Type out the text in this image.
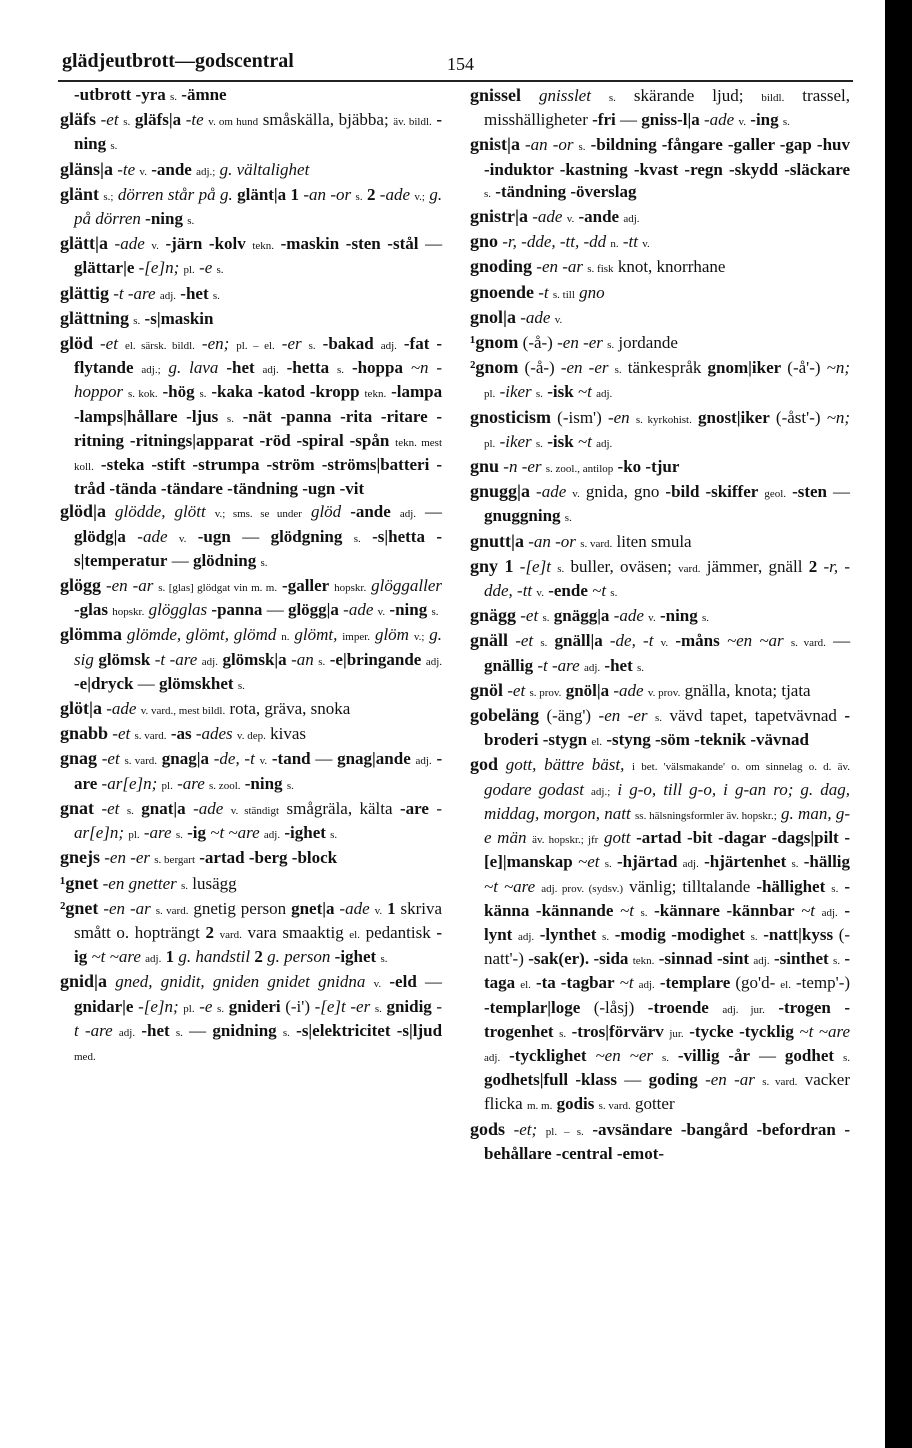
glädjeutbrott—godscentral	154

-utbrott -yra s. -ämne

gläfs -et s. gläfs|a -te v. om hund småskälla, bjäbba; äv. bildl. -ning s.

gläns|a -te v. -ande adj.; g. vältalighet

glänt s.; dörren står på g. glänt|a 1 -an -or s. 2 -ade v.; g. på dörren -ning s.

glätt|a -ade v. -järn -kolv tekn. -maskin -sten -stål — glättar|e -[e]n; pl. -e s.

glättig -t -are adj. -het s.

glättning s. -s|maskin

glöd -et el. särsk. bildl. -en; pl. – el. -er s. -bakad adj. -fat -flytande adj.; g. lava -het adj. -hetta s. -hoppa ~n -hoppor s. kok. -hög s. -kaka -katod -kropp tekn. -lampa -lamps|hållare -ljus s. -nät -panna -rita -ritare -ritning -ritnings|apparat -röd -spiral -spån tekn. mest koll. -steka -stift -strumpa -ström -ströms|batteri -tråd -tända -tändare -tändning -ugn -vit

glöd|a glödde, glött v.; sms. se under glöd -ande adj. — glödg|a -ade v. -ugn — glödgning s. -s|hetta -s|temperatur — glödning s.

glögg -en -ar s. [glas] glödgat vin m. m. -galler hopskr. glöggaller -glas hopskr. glögglas -panna — glögg|a -ade v. -ning s.

glömma glömde, glömt, glömd n. glömt, imper. glöm v.; g. sig glömsk -t -are adj. glömsk|a -an s. -e|bringande adj. -e|dryck — glömskhet s.

glöt|a -ade v. vard., mest bildl. rota, gräva, snoka

gnabb -et s. vard. -as -ades v. dep. kivas

gnag -et s. vard. gnag|a -de, -t v. -tand — gnag|ande adj. -are -ar[e]n; pl. -are s. zool. -ning s.

gnat -et s. gnat|a -ade v. ständigt smågräla, kälta -are -ar[e]n; pl. -are s. -ig ~t ~are adj. -ighet s.

gnejs -en -er s. bergart -artad -berg -block

¹gnet -en gnetter s. lusägg

²gnet -en -ar s. vard. gnetig person gnet|a -ade v. 1 skriva smått o. hopträngt 2 vard. vara smaaktig el. pedantisk -ig ~t ~are adj. 1 g. handstil 2 g. person -ighet s.

gnid|a gned, gnidit, gniden gnidet gnidna v. -eld — gnidar|e -[e]n; pl. -e s. gnideri (-i') -[e]t -er s. gnidig -t -are adj. -het s. — gnidning s. -s|elektricitet -s|ljud med.

gnissel gnisslet s. skärande ljud; bildl. trassel, misshälligheter -fri — gniss-l|a -ade v. -ing s.

gnist|a -an -or s. -bildning -fångare -galler -gap -huv -induktor -kastning -kvast -regn -skydd -släckare s. -tändning -överslag

gnistr|a -ade v. -ande adj.

gno -r, -dde, -tt, -dd n. -tt v.

gnoding -en -ar s. fisk knot, knorrhane

gnoende -t s. till gno

gnol|a -ade v.

¹gnom (-å-) -en -er s. jordande

²gnom (-å-) -en -er s. tänkespråk gnom|iker (-å'-) ~n; pl. -iker s. -isk ~t adj.

gnosticism (-ism') -en s. kyrkohist. gnost|iker (-åst'-) ~n; pl. -iker s. -isk ~t adj.

gnu -n -er s. zool., antilop -ko -tjur

gnugg|a -ade v. gnida, gno -bild -skiffer geol. -sten — gnuggning s.

gnutt|a -an -or s. vard. liten smula

gny 1 -[e]t s. buller, oväsen; vard. jämmer, gnäll 2 -r, -dde, -tt v. -ende ~t s.

gnägg -et s. gnägg|a -ade v. -ning s.

gnäll -et s. gnäll|a -de, -t v. -måns ~en ~ar s. vard. — gnällig -t -are adj. -het s.

gnöl -et s. prov. gnöl|a -ade v. prov. gnälla, knota; tjata

gobeläng (-äng') -en -er s. vävd tapet, tapetvävnad -broderi -stygn el. -styng -söm -teknik -vävnad

god gott, bättre bäst, i bet. 'välsmakande' o. om sinnelag o. d. äv. godare godast adj.; i g-o, till g-o, i g-an ro; g. dag, middag, morgon, natt ss. hälsningsformler äv. hopskr.; g. man, g-e män äv. hopskr.; jfr gott -artad -bit -dagar -dags|pilt -[e]|manskap ~et s. -hjärtad adj. -hjärtenhet s. -hällig ~t ~are adj. prov. (sydsv.) vänlig; tilltalande -hällighet s. -känna -kännande ~t s. -kännare -kännbar ~t adj. -lynt adj. -lynthet s. -modig -modighet s. -natt|kyss (-natt'-) -sak(er). -sida tekn. -sinnad -sint adj. -sinthet s. -taga el. -ta -tagbar ~t adj. -templare (go'd- el. -temp'-) -templar|loge (-låsj) -troende adj. jur. -trogen -trogenhet s. -tros|förvärv jur. -tycke -tycklig ~t ~are adj. -tycklighet ~en ~er s. -villig -år — godhet s. godhets|full -klass — goding -en -ar s. vard. vacker flicka m. m. godis s. vard. gotter

gods -et; pl. – s. -avsändare -bangård -befordran -behållare -central -emot-
